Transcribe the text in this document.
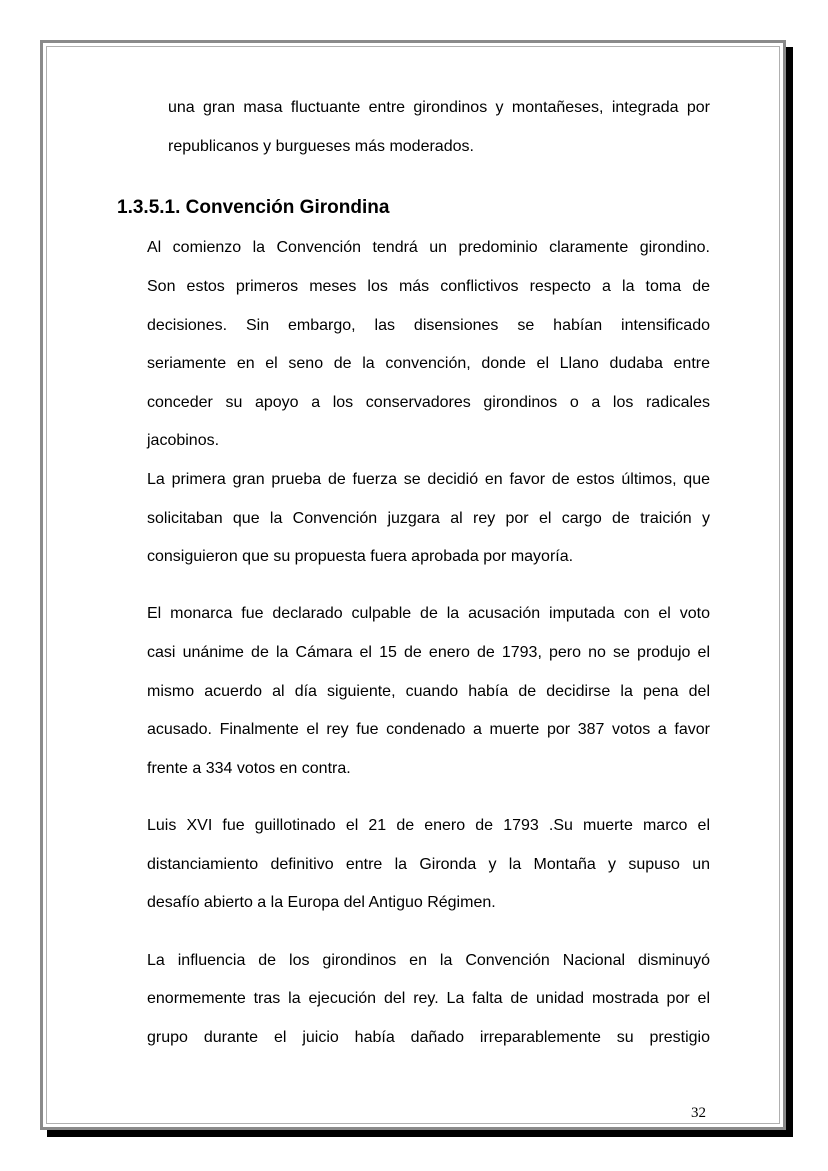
una gran masa fluctuante entre girondinos y montañeses, integrada por
republicanos y burgueses más moderados.
1.3.5.1. Convención Girondina
Al comienzo la Convención tendrá un predominio claramente girondino.
Son estos primeros meses los más conflictivos respecto a la toma de
decisiones. Sin embargo, las disensiones se habían intensificado
seriamente en el seno de la convención, donde el Llano dudaba entre
conceder su apoyo a los conservadores girondinos o a los radicales
jacobinos.
La primera gran prueba de fuerza se decidió en favor de estos últimos, que
solicitaban que la Convención juzgara al rey por el cargo de traición y
consiguieron que su propuesta fuera aprobada por mayoría.
El monarca fue declarado culpable de la acusación imputada con el voto
casi unánime de la Cámara el 15 de enero de 1793, pero no se produjo el
mismo acuerdo al día siguiente, cuando había de decidirse la pena del
acusado. Finalmente el rey fue condenado a muerte por 387 votos a favor
frente a 334 votos en contra.
Luis XVI fue guillotinado el 21 de enero de 1793 .Su muerte marco el
distanciamiento definitivo entre la Gironda y la Montaña y supuso un
desafío abierto a la Europa del Antiguo Régimen.
La influencia de los girondinos en la Convención Nacional disminuyó
enormemente tras la ejecución del rey. La falta de unidad mostrada por el
grupo durante el juicio había dañado irreparablemente su prestigio
32
